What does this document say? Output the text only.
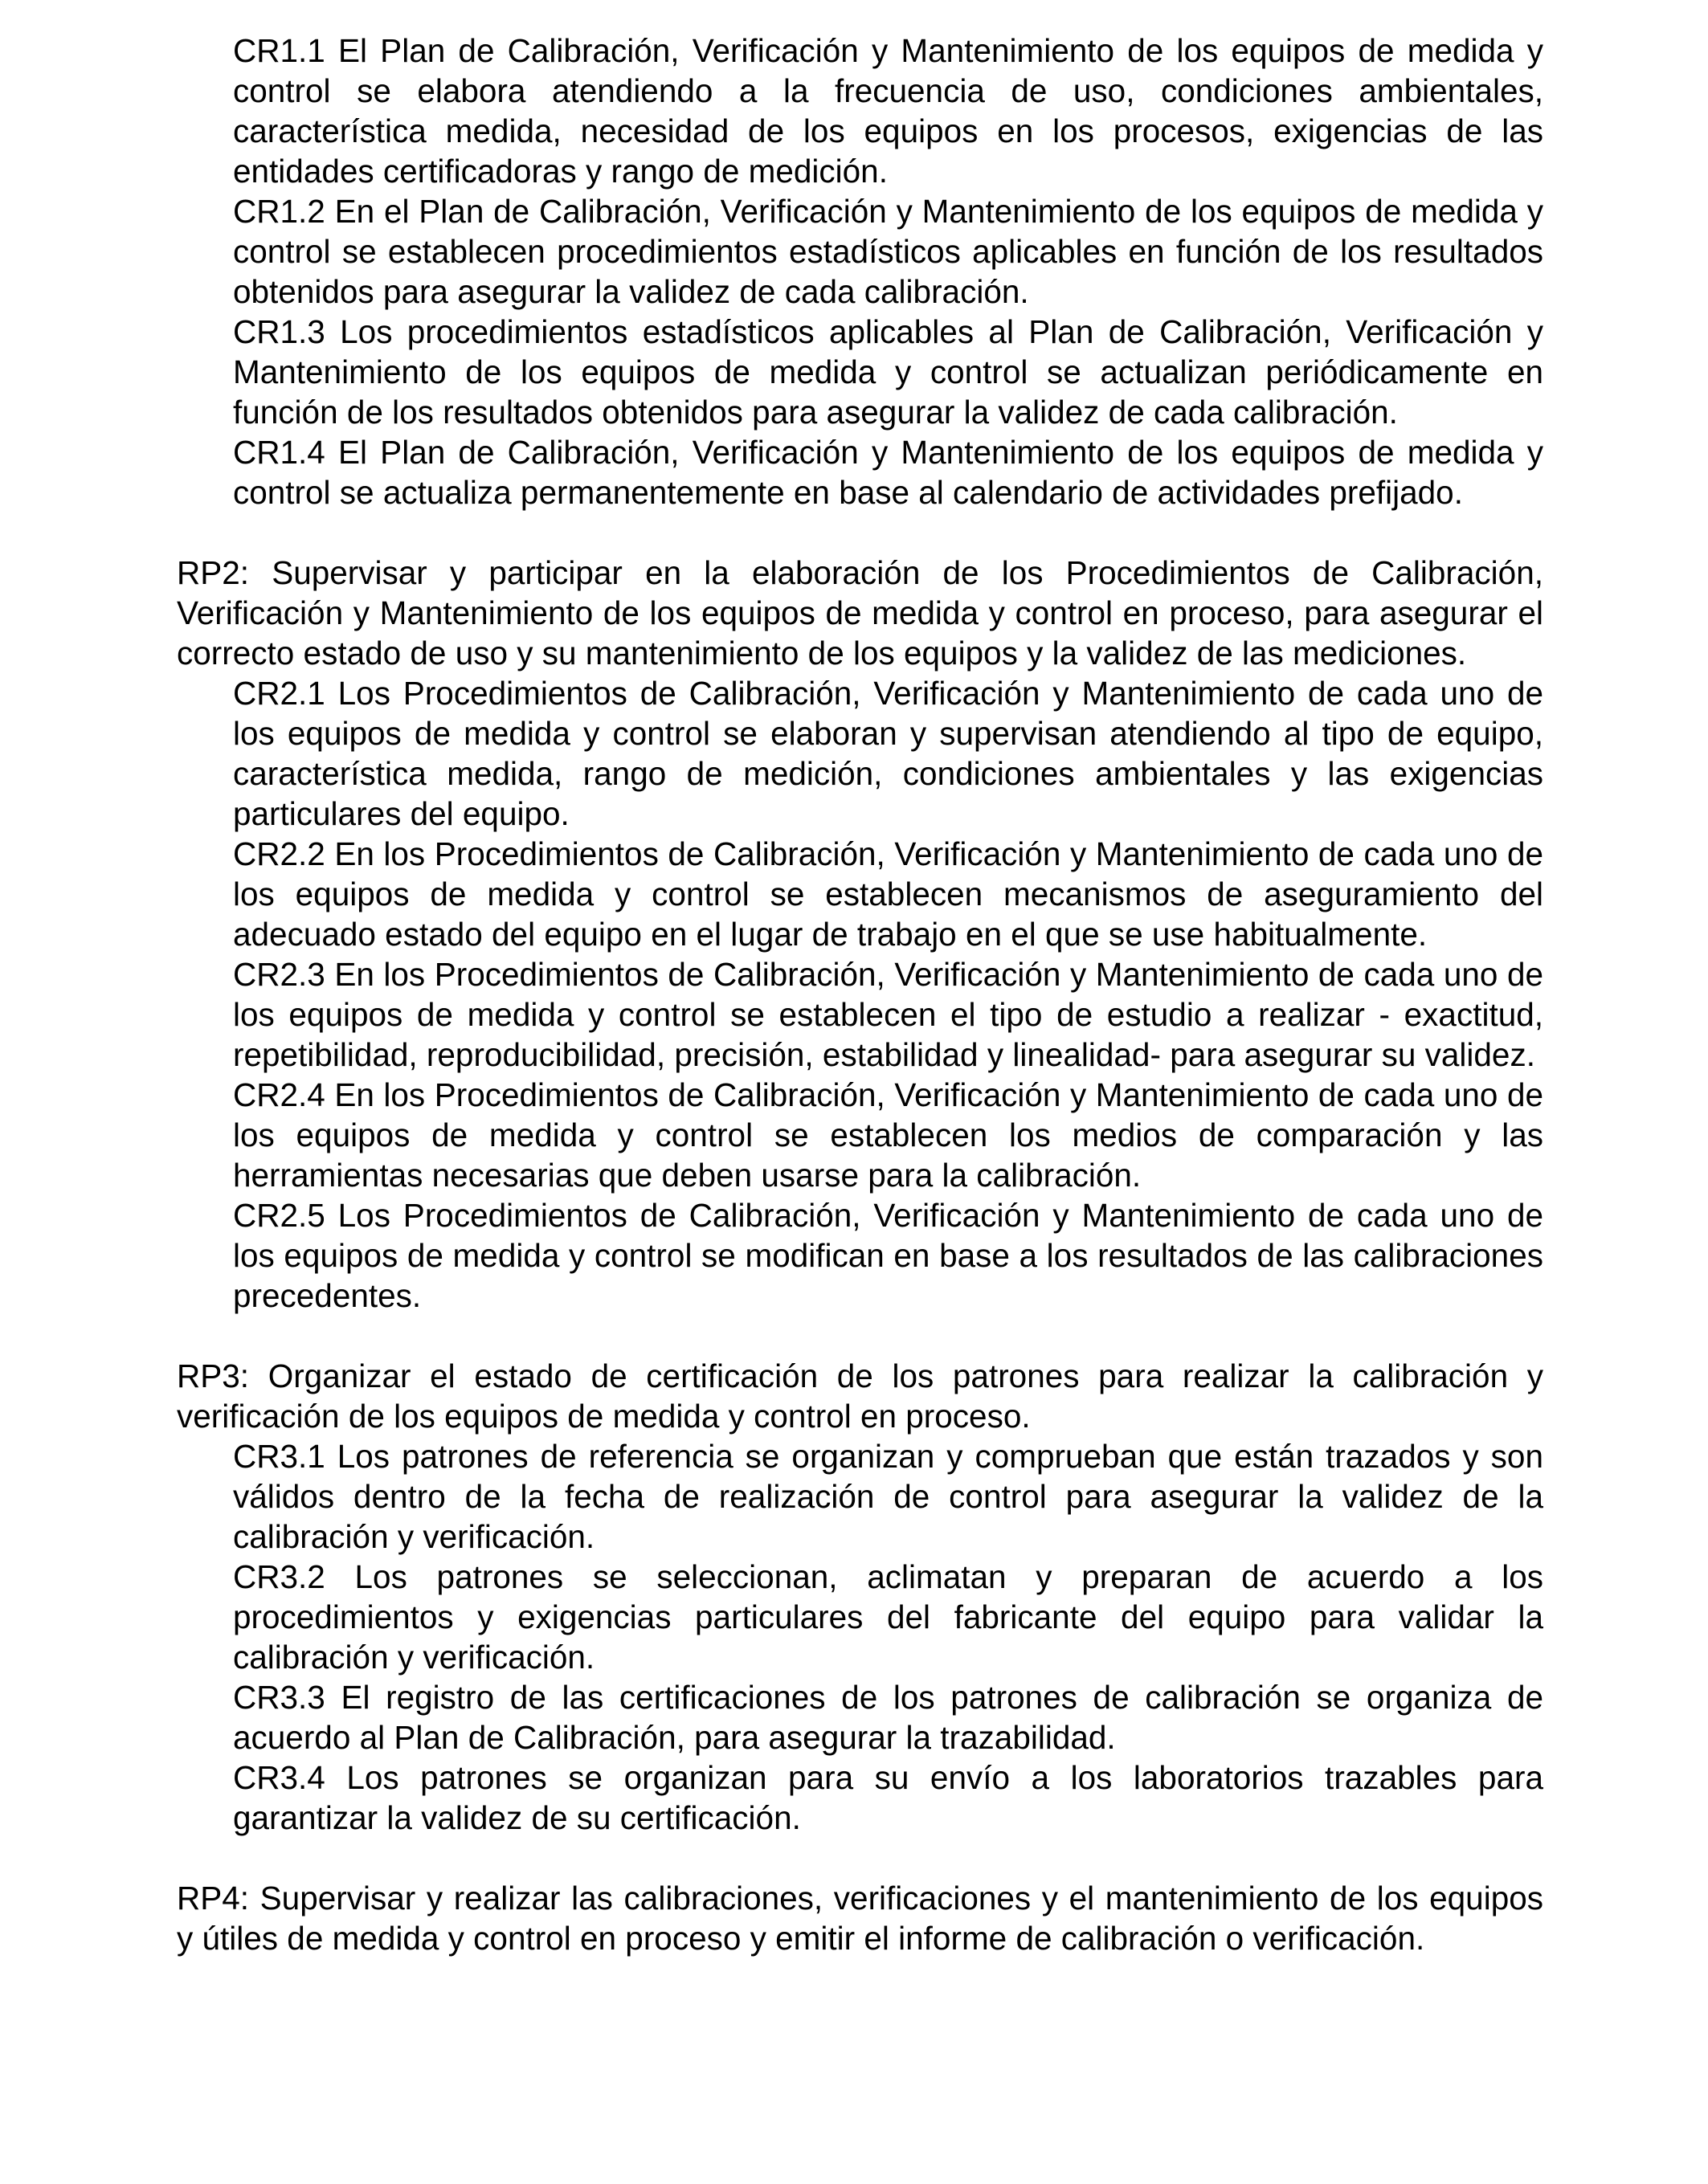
CR1.1 El Plan de Calibración, Verificación y Mantenimiento de los equipos de medida y control se elabora atendiendo a la frecuencia de uso, condiciones ambientales, característica medida, necesidad de los equipos en los procesos, exigencias de las entidades certificadoras y rango de medición.

CR1.2 En el Plan de Calibración, Verificación y Mantenimiento de los equipos de medida y control se establecen procedimientos estadísticos aplicables en función de los resultados obtenidos para asegurar la validez de cada calibración.

CR1.3 Los procedimientos estadísticos aplicables al Plan de Calibración, Verificación y Mantenimiento de los equipos de medida y control se actualizan periódicamente en función de los resultados obtenidos para asegurar la validez de cada calibración.

CR1.4 El Plan de Calibración, Verificación y Mantenimiento de los equipos de medida y control se actualiza permanentemente en base al calendario de actividades prefijado.

RP2: Supervisar y participar en la elaboración de los Procedimientos de Calibración, Verificación y Mantenimiento de los equipos de medida y control en proceso, para asegurar el correcto estado de uso y su mantenimiento de los equipos y la validez de las mediciones.

CR2.1 Los Procedimientos de Calibración, Verificación y Mantenimiento de cada uno de los equipos de medida y control se elaboran y supervisan atendiendo al tipo de equipo, característica medida, rango de medición, condiciones ambientales y las exigencias particulares del equipo.

CR2.2 En los Procedimientos de Calibración, Verificación y Mantenimiento de cada uno de los equipos de medida y control se establecen mecanismos de aseguramiento del adecuado estado del equipo en el lugar de trabajo en el que se use habitualmente.

CR2.3 En los Procedimientos de Calibración, Verificación y Mantenimiento de cada uno de los equipos de medida y control se establecen el tipo de estudio a realizar - exactitud, repetibilidad, reproducibilidad, precisión, estabilidad y linealidad- para asegurar su validez.

CR2.4 En los Procedimientos de Calibración, Verificación y Mantenimiento de cada uno de los equipos de medida y control se establecen los medios de comparación y las herramientas necesarias que deben usarse para la calibración.

CR2.5 Los Procedimientos de Calibración, Verificación y Mantenimiento de cada uno de los equipos de medida y control se modifican en base a los resultados de las calibraciones precedentes.

RP3: Organizar el estado de certificación de los patrones para realizar la calibración y verificación de los equipos de medida y control en proceso.

CR3.1 Los patrones de referencia se organizan y comprueban que están trazados y son válidos dentro de la fecha de realización de control para asegurar la validez de la calibración y verificación.

CR3.2 Los patrones se seleccionan, aclimatan y preparan de acuerdo a los procedimientos y exigencias particulares del fabricante del equipo para validar la calibración y verificación.

CR3.3 El registro de las certificaciones de los patrones de calibración se organiza de acuerdo al Plan de Calibración, para asegurar la trazabilidad.

CR3.4 Los patrones se organizan para su envío a los laboratorios trazables para garantizar la validez de su certificación.

RP4: Supervisar y realizar las calibraciones, verificaciones y el mantenimiento de los equipos y útiles de medida y control en proceso y emitir el informe de calibración o verificación.
